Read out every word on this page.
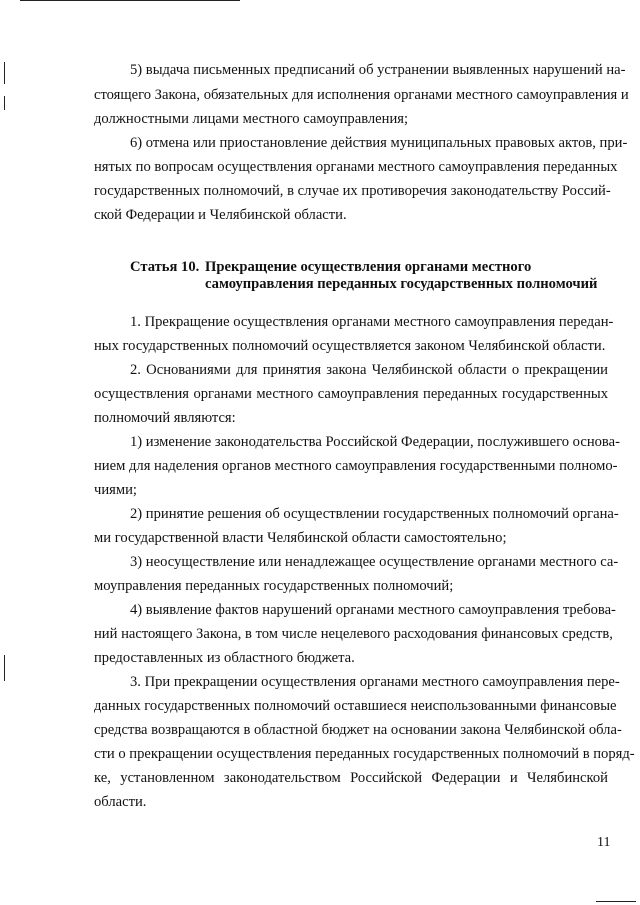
5) выдача письменных предписаний об устранении выявленных нарушений на-
стоящего Закона, обязательных для исполнения органами местного самоуправления и
должностными лицами местного самоуправления;
6) отмена или приостановление действия муниципальных правовых актов, при-
нятых по вопросам осуществления органами местного самоуправления переданных
государственных полномочий, в случае их противоречия законодательству Россий-
ской Федерации и Челябинской области.
Статья 10. Прекращение осуществления органами местного
самоуправления переданных государственных полномочий
1. Прекращение осуществления органами местного самоуправления передан-
ных государственных полномочий осуществляется законом Челябинской области.
2. Основаниями для принятия закона Челябинской области о прекращении
осуществления органами местного самоуправления переданных государственных
полномочий являются:
1) изменение законодательства Российской Федерации, послужившего основа-
нием для наделения органов местного самоуправления государственными полномо-
чиями;
2) принятие решения об осуществлении государственных полномочий органа-
ми государственной власти Челябинской области самостоятельно;
3) неосуществление или ненадлежащее осуществление органами местного са-
моуправления переданных государственных полномочий;
4) выявление фактов нарушений органами местного самоуправления требова-
ний настоящего Закона, в том числе нецелевого расходования финансовых средств,
предоставленных из областного бюджета.
3. При прекращении осуществления органами местного самоуправления пере-
данных государственных полномочий оставшиеся неиспользованными финансовые
средства возвращаются в областной бюджет на основании закона Челябинской обла-
сти о прекращении осуществления переданных государственных полномочий в поряд-
ке, установленном законодательством Российской Федерации и Челябинской
области.
11
